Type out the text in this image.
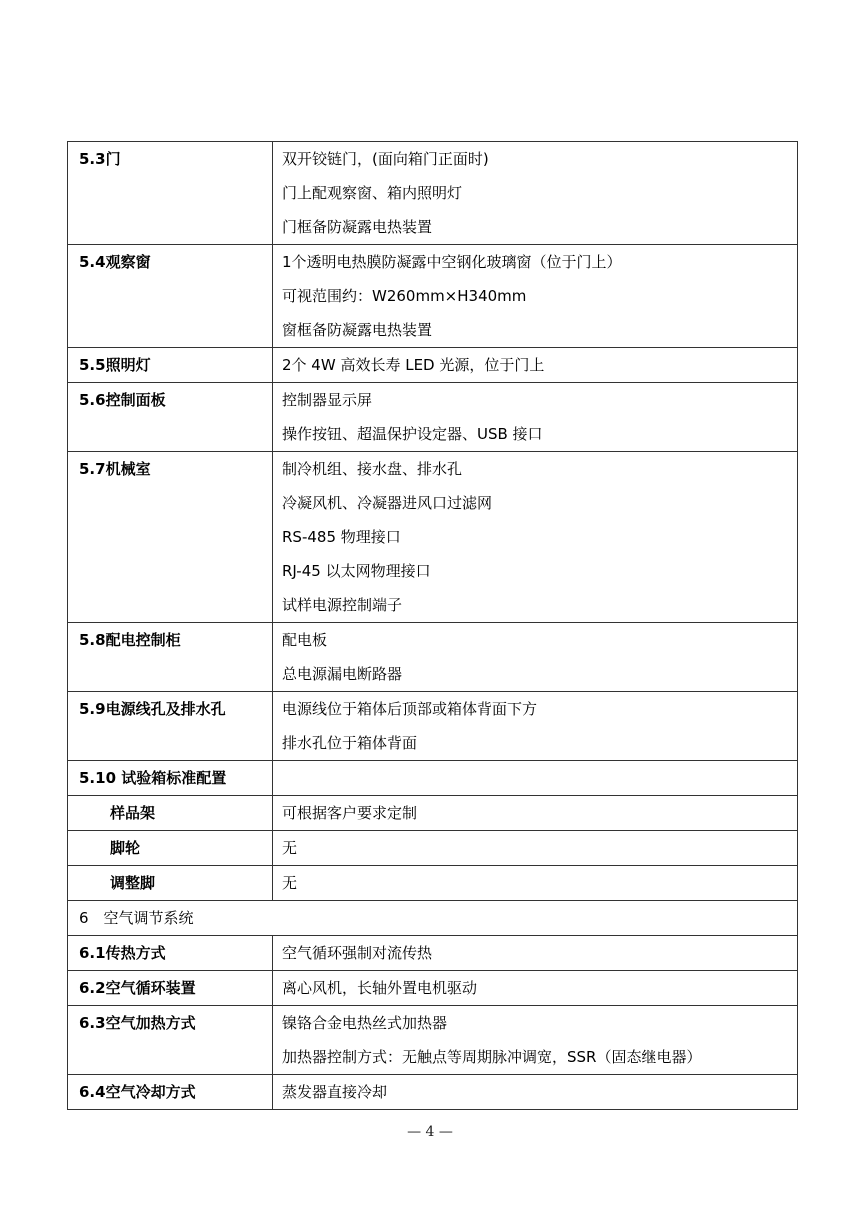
5.3门	双开铰链门，(面向箱门正面时)
门上配观察窗、箱内照明灯
门框备防凝露电热装置

5.4观察窗	1个透明电热膜防凝露中空钢化玻璃窗（位于门上）
可视范围约：W260mm×H340mm
窗框备防凝露电热装置

5.5照明灯	2个 4W 高效长寿 LED 光源，位于门上

5.6控制面板	控制器显示屏
操作按钮、超温保护设定器、USB 接口

5.7机械室	制冷机组、接水盘、排水孔
冷凝风机、冷凝器进风口过滤网
RS-485 物理接口
RJ-45 以太网物理接口
试样电源控制端子

5.8配电控制柜	配电板
总电源漏电断路器

5.9电源线孔及排水孔	电源线位于箱体后顶部或箱体背面下方
排水孔位于箱体背面

5.10 试验箱标准配置	

样品架	可根据客户要求定制

脚轮	无

调整脚	无

6　空气调节系统	

6.1传热方式	空气循环强制对流传热

6.2空气循环装置	离心风机，长轴外置电机驱动

6.3空气加热方式	镍铬合金电热丝式加热器
加热器控制方式：无触点等周期脉冲调宽，SSR（固态继电器）

6.4空气冷却方式	蒸发器直接冷却
— 4 —
